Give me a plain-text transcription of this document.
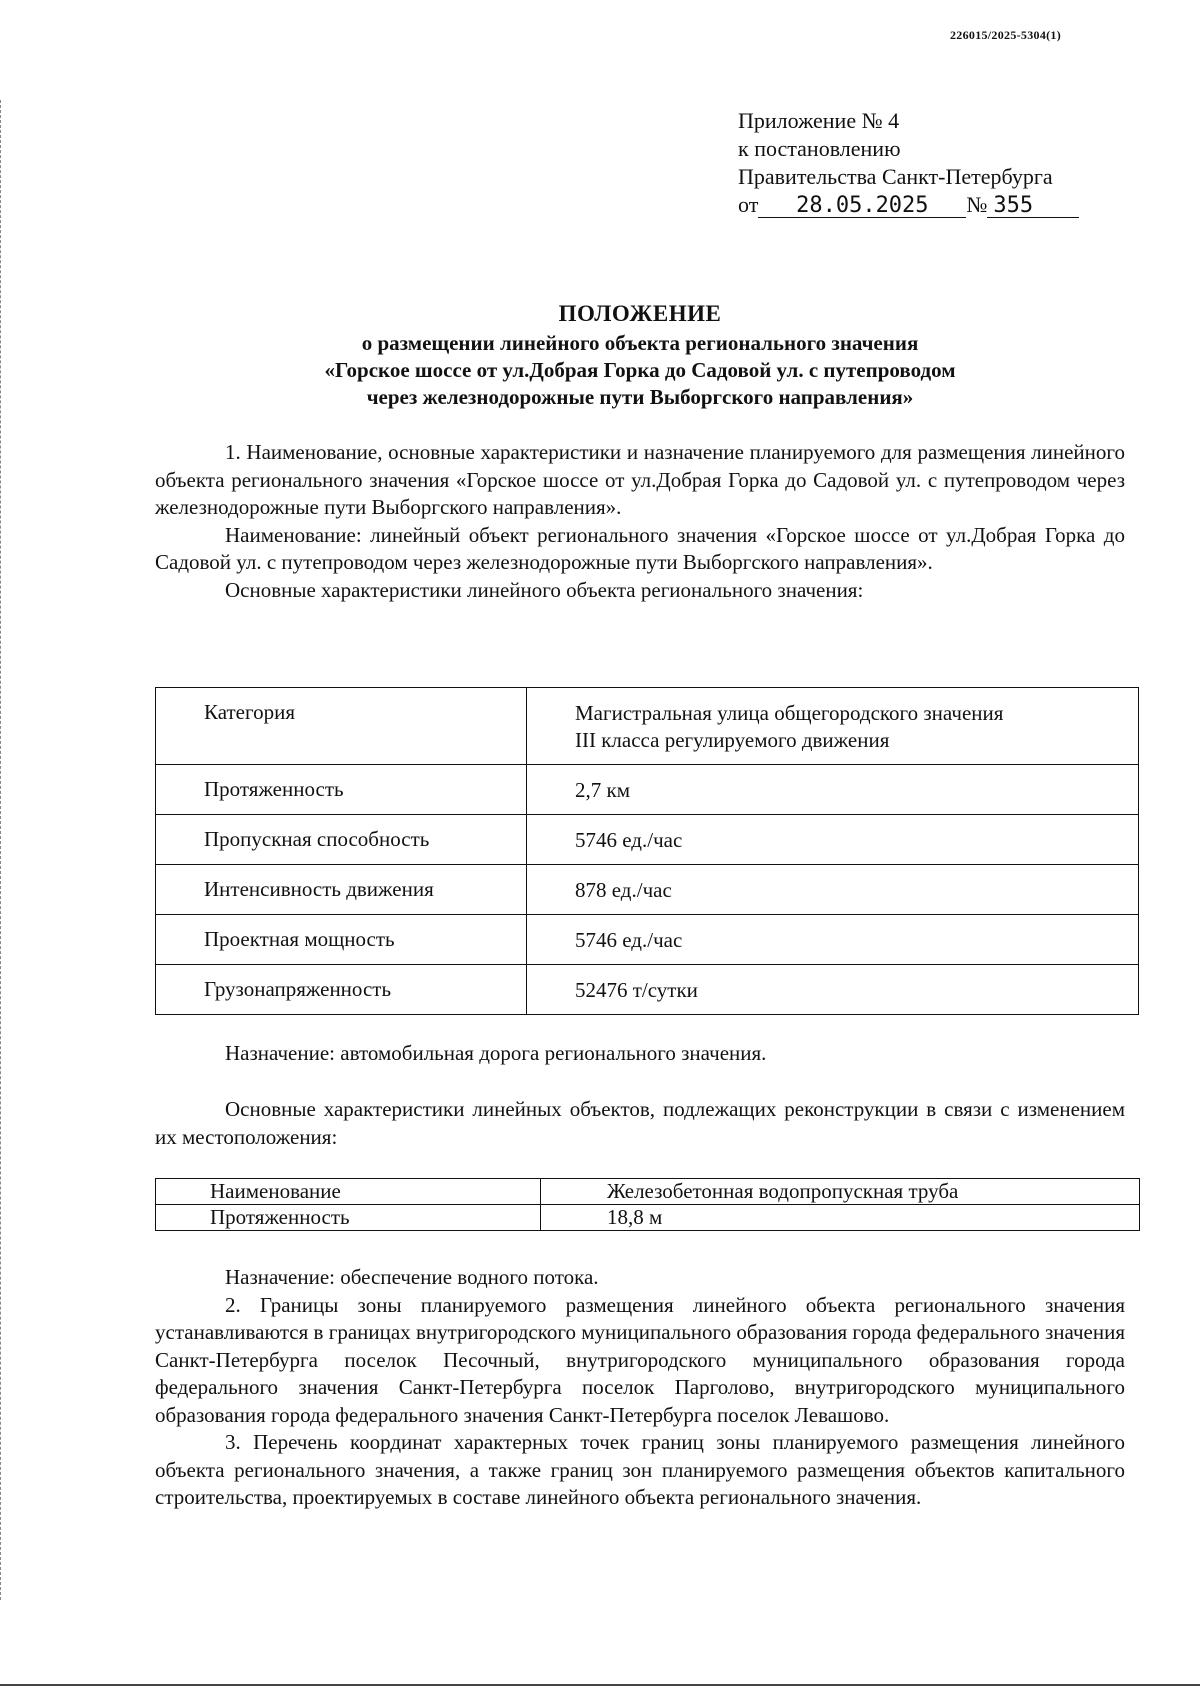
226015/2025-5304(1)
Приложение № 4
к постановлению
Правительства Санкт-Петербурга
от 28.05.2025 № 355
ПОЛОЖЕНИЕ
о размещении линейного объекта регионального значения
«Горское шоссе от ул.Добрая Горка до Садовой ул. с путепроводом
через железнодорожные пути Выборгского направления»

1. Наименование, основные характеристики и назначение планируемого для размещения линейного объекта регионального значения «Горское шоссе от ул.Добрая Горка до Садовой ул. с путепроводом через железнодорожные пути Выборгского направления».

Наименование: линейный объект регионального значения «Горское шоссе от ул.Добрая Горка до Садовой ул. с путепроводом через железнодорожные пути Выборгского направления».

Основные характеристики линейного объекта регионального значения:

Категория	Магистральная улица общегородского значения
III класса регулируемого движения

Протяженность	2,7 км
Пропускная способность	5746 ед./час
Интенсивность движения	878 ед./час
Проектная мощность	5746 ед./час
Грузонапряженность	52476 т/сутки

Назначение: автомобильная дорога регионального значения.

Основные характеристики линейных объектов, подлежащих реконструкции в связи с изменением их местоположения:

Наименование	Железобетонная водопропускная труба
Протяженность	18,8 м

Назначение: обеспечение водного потока.

2. Границы зоны планируемого размещения линейного объекта регионального значения устанавливаются в границах внутригородского муниципального образования города федерального значения Санкт-Петербурга поселок Песочный, внутригородского муниципального образования города федерального значения Санкт-Петербурга поселок Парголово, внутригородского муниципального образования города федерального значения Санкт-Петербурга поселок Левашово.

3. Перечень координат характерных точек границ зоны планируемого размещения линейного объекта регионального значения, а также границ зон планируемого размещения объектов капитального строительства, проектируемых в составе линейного объекта регионального значения.
